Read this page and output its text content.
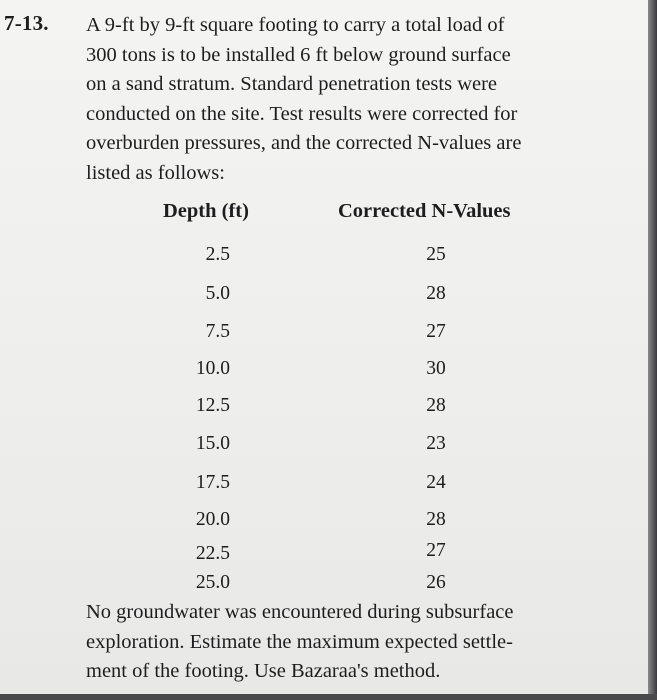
7-13. A 9-ft by 9-ft square footing to carry a total load of
300 tons is to be installed 6 ft below ground surface
on a sand stratum. Standard penetration tests were
conducted on the site. Test results were corrected for
overburden pressures, and the corrected N-values are
listed as follows:
Depth (ft)	Corrected N-Values
2.5	25
5.0	28
7.5	27
10.0	30
12.5	28
15.0	23
17.5	24
20.0	28
22.5	27
25.0	26
No groundwater was encountered during subsurface
exploration. Estimate the maximum expected settle-
ment of the footing. Use Bazaraa's method.
